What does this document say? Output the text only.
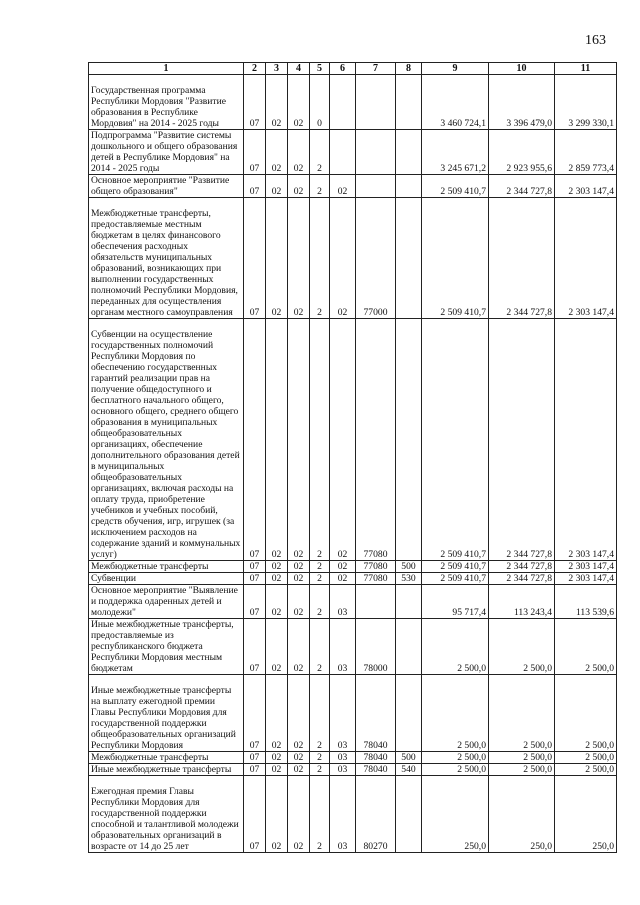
163
1	2	3	4	5	6	7	8	9	10	11
Государственная программа Республики Мордовия "Развитие образования в Республике Мордовия" на 2014 - 2025 годы	07	02	02	0				3 460 724,1	3 396 479,0	3 299 330,1
Подпрограмма "Развитие системы дошкольного и общего образования детей в Республике Мордовия" на 2014 - 2025 годы	07	02	02	2				3 245 671,2	2 923 955,6	2 859 773,4
Основное мероприятие "Развитие общего образования"	07	02	02	2	02			2 509 410,7	2 344 727,8	2 303 147,4
Межбюджетные трансферты, предоставляемые местным бюджетам в целях финансового обеспечения расходных обязательств муниципальных образований, возникающих при выполнении государственных полномочий Республики Мордовия, переданных для осуществления органам местного самоуправления	07	02	02	2	02	77000		2 509 410,7	2 344 727,8	2 303 147,4
Субвенции на осуществление государственных полномочий Республики Мордовия по обеспечению государственных гарантий реализации прав на получение общедоступного и бесплатного начального общего, основного общего, среднего общего образования в муниципальных общеобразовательных организациях, обеспечение дополнительного образования детей в муниципальных общеобразовательных организациях, включая расходы на оплату труда, приобретение учебников и учебных пособий, средств обучения, игр, игрушек (за исключением расходов на содержание зданий и коммунальных услуг)	07	02	02	2	02	77080		2 509 410,7	2 344 727,8	2 303 147,4
Межбюджетные трансферты	07	02	02	2	02	77080	500	2 509 410,7	2 344 727,8	2 303 147,4
Субвенции	07	02	02	2	02	77080	530	2 509 410,7	2 344 727,8	2 303 147,4
Основное мероприятие "Выявление и поддержка одаренных детей и молодежи"	07	02	02	2	03			95 717,4	113 243,4	113 539,6
Иные межбюджетные трансферты, предоставляемые из республиканского бюджета Республики Мордовия местным бюджетам	07	02	02	2	03	78000		2 500,0	2 500,0	2 500,0
Иные межбюджетные трансферты на выплату ежегодной премии Главы Республики Мордовия для государственной поддержки общеобразовательных организаций Республики Мордовия	07	02	02	2	03	78040		2 500,0	2 500,0	2 500,0
Межбюджетные трансферты	07	02	02	2	03	78040	500	2 500,0	2 500,0	2 500,0
Иные межбюджетные трансферты	07	02	02	2	03	78040	540	2 500,0	2 500,0	2 500,0
Ежегодная премия Главы Республики Мордовия для государственной поддержки способной и талантливой молодежи образовательных организаций в возрасте от 14 до 25 лет	07	02	02	2	03	80270		250,0	250,0	250,0
